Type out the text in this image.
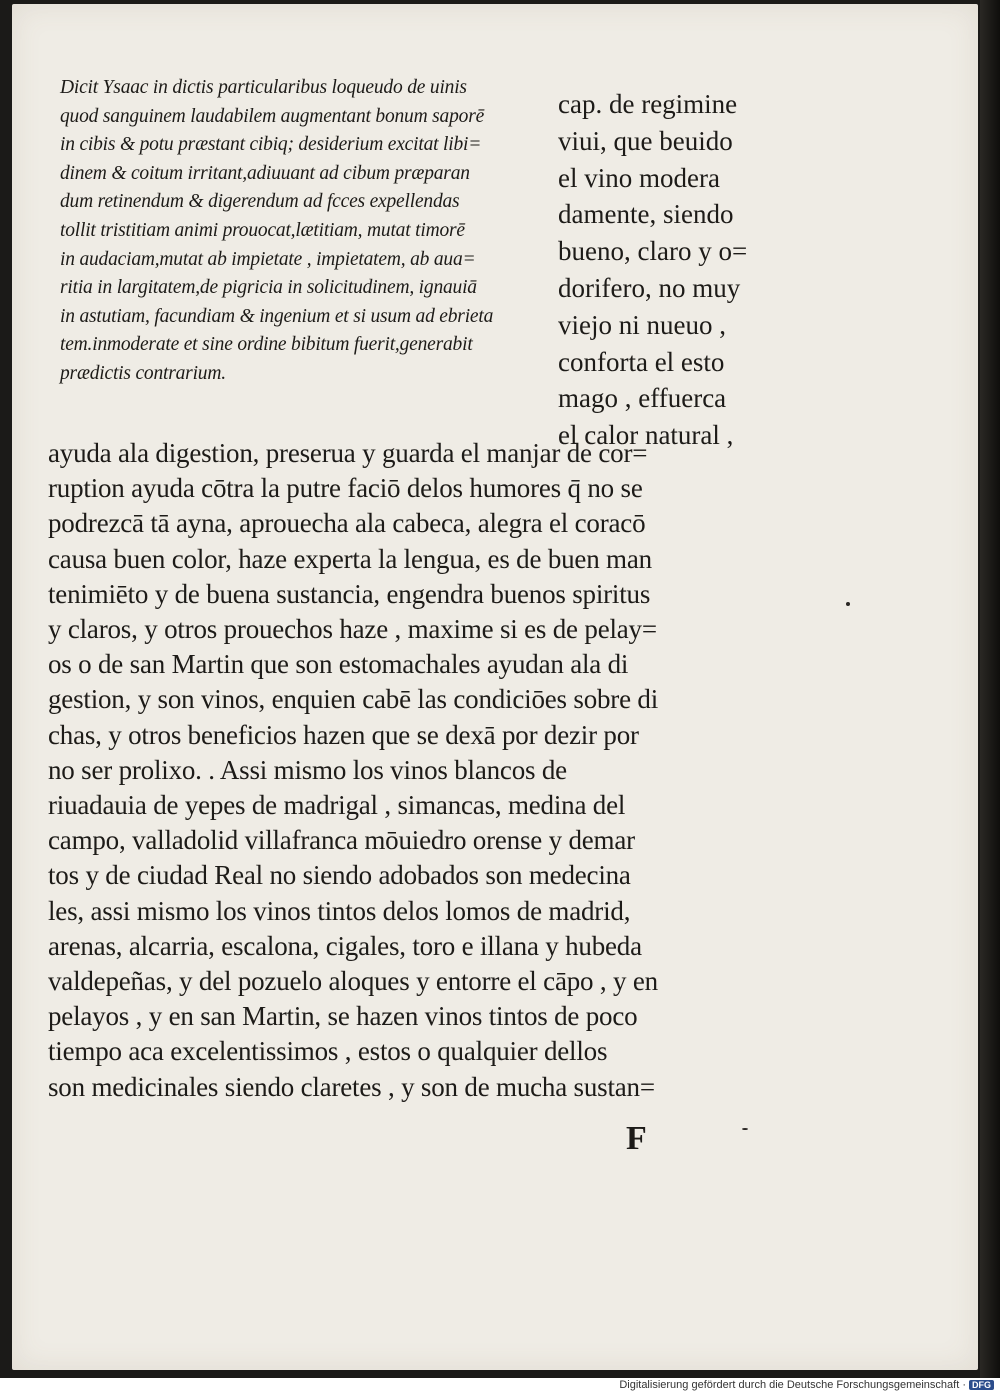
Dicit Ysaac in dictis particularibus loqueudo de uinis
quod sanguinem laudabilem augmentant bonum saporē
in cibis & potu præstant cibiq; desiderium excitat libi=
dinem & coitum irritant,adiuuant ad cibum præparan
dum retinendum & digerendum ad fcces expellendas
tollit tristitiam animi prouocat,lætitiam, mutat timorē
in audaciam,mutat ab impietate , impietatem, ab aua=
ritia in largitatem,de pigricia in solicitudinem, ignauiā
in astutiam, facundiam & ingenium et si usum ad ebrieta
tem.inmoderate et sine ordine bibitum fuerit,generabit
prædictis contrarium.
cap. de regimine
viui, que beuido
el vino modera
damente, siendo
bueno, claro y o=
dorifero, no muy
viejo ni nueuo ,
conforta el esto
mago , effuerca
el calor natural ,
ayuda ala digestion, preserua y guarda el manjar de cor=
ruption ayuda cōtra la putre faciō delos humores q̄ no se
podrezcā tā ayna, aprouecha ala cabeca, alegra el coracō
causa buen color, haze experta la lengua, es de buen man
tenimiēto y de buena sustancia, engendra buenos spiritus
y claros, y otros prouechos haze , maxime si es de pelay=
os o de san Martin que son estomachales ayudan ala di
gestion, y son vinos, enquien cabē las condiciōes sobre di
chas, y otros beneficios hazen que se dexā por dezir por
no ser prolixo. . Assi mismo los vinos blancos de
riuadauia de yepes de madrigal , simancas, medina del
campo, valladolid villafranca mōuiedro orense y demar
tos y de ciudad Real no siendo adobados son medecina
les, assi mismo los vinos tintos delos lomos de madrid,
arenas, alcarria, escalona, cigales, toro e illana y hubeda
valdepeñas, y del pozuelo aloques y entorre el cāpo , y en
pelayos , y en san Martin, se hazen vinos tintos de poco
tiempo aca excelentissimos , estos o qualquier dellos
son medicinales siendo claretes , y son de mucha sustan=
F
Digitalisierung gefördert durch die Deutsche Forschungsgemeinschaft · DFG
